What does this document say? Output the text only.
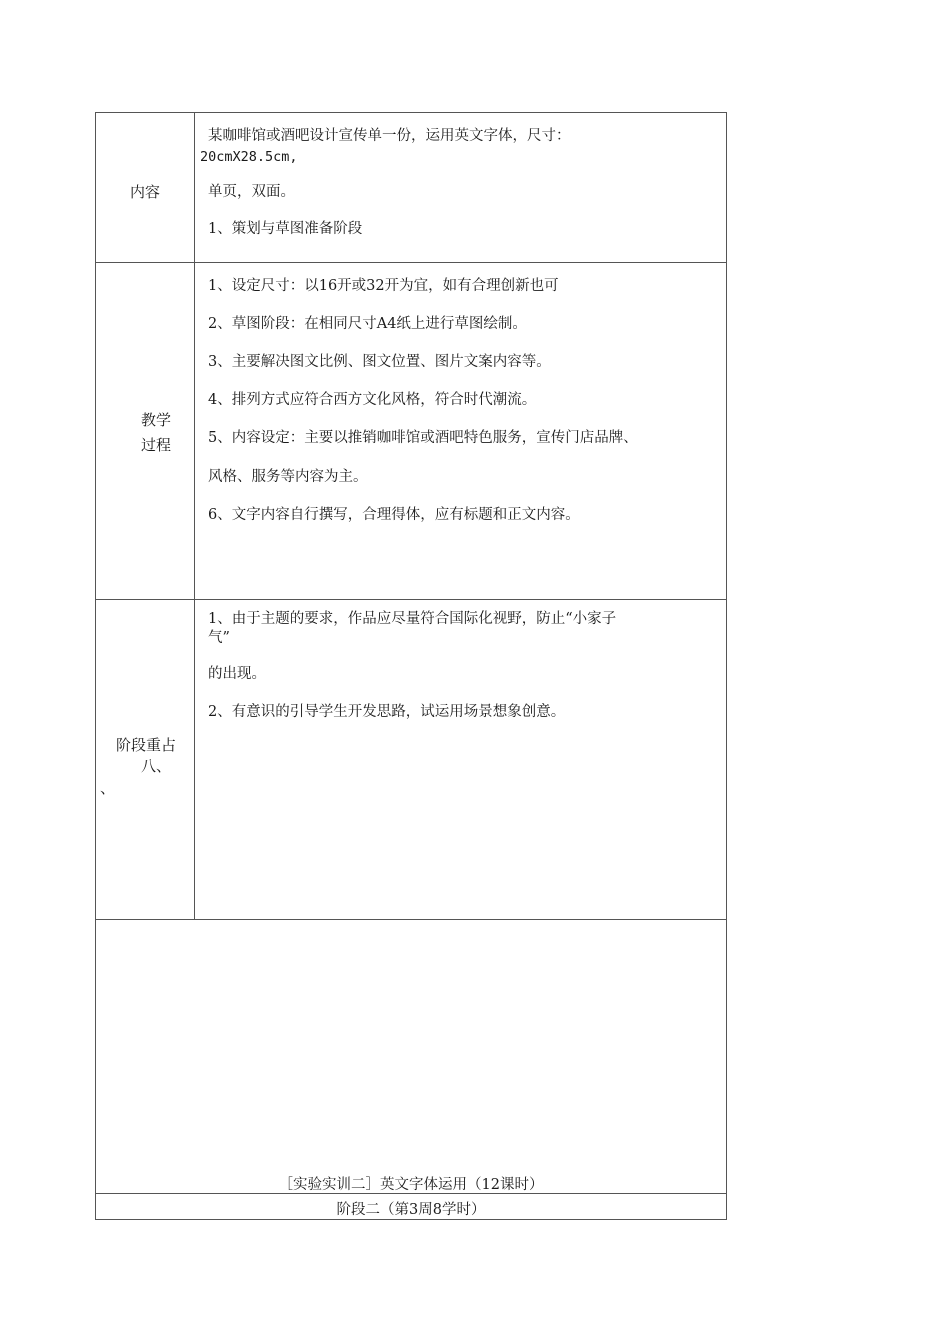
内容
某咖啡馆或酒吧设计宣传单一份，运用英文字体，尺寸：
20cmX28.5cm,
单页，双面。
1、策划与草图准备阶段
教学
过程
1、设定尺寸：以16开或32开为宜，如有合理创新也可
2、草图阶段：在相同尺寸A4纸上进行草图绘制。
3、主要解决图文比例、图文位置、图片文案内容等。
4、排列方式应符合西方文化风格，符合时代潮流。
5、内容设定：主要以推销咖啡馆或酒吧特色服务，宣传门店品牌、
风格、服务等内容为主。
6、文字内容自行撰写，合理得体，应有标题和正文内容。
阶段重占
八、
、
1、由于主题的要求，作品应尽量符合国际化视野，防止“小家子
气”
的出现。
2、有意识的引导学生开发思路，试运用场景想象创意。
［实验实训二］英文字体运用（12课时）
阶段二（第3周8学时）
